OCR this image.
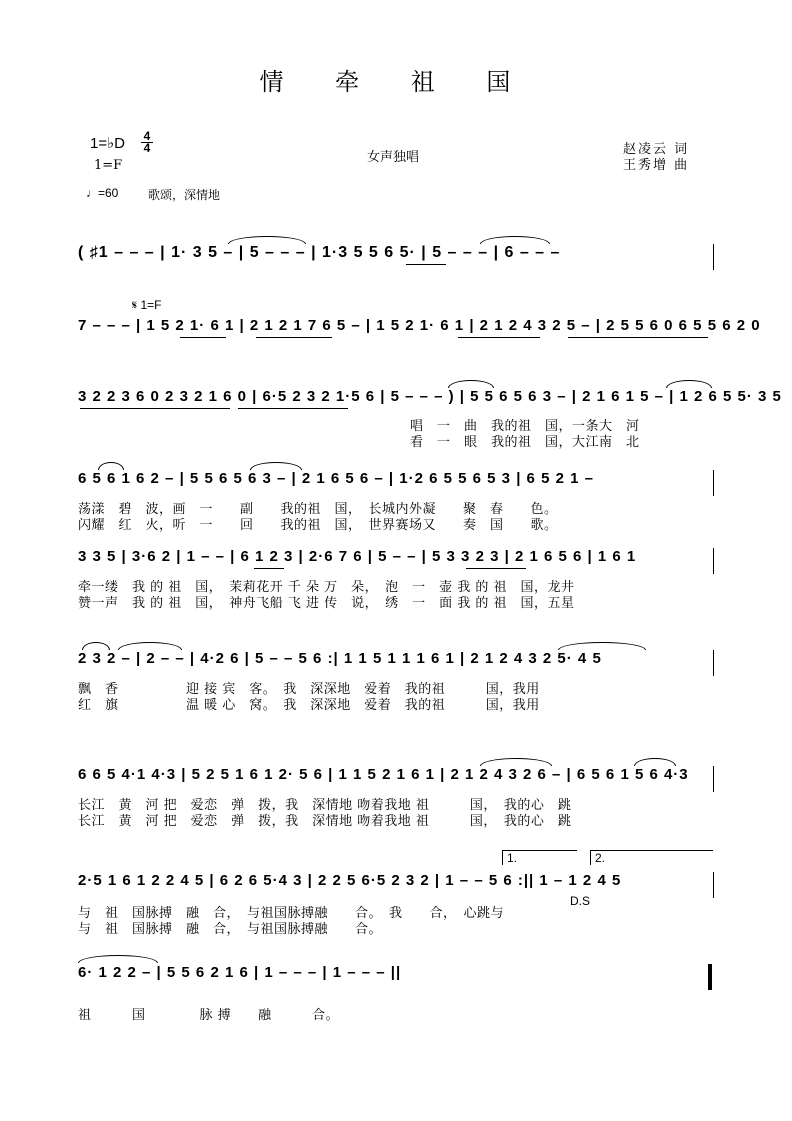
情 牵 祖 国
1=♭D 4
4
1=F
女声独唱
赵凌云 词
王秀增 曲
♩=60 歌颂，深情地
( ♯1 – – – | 1· 3 5 – | 5 – – – | 1·3 5 5 6 5· | 5 – – – | 6 – – –
𝄋 1=F
7 – – – | 1 5 2 1· 6 1 | 2 1 2 1 7 6 5 – | 1 5 2 1· 6 1 | 2 1 2 4 3 2 5 – | 2 5 5 6 0 6 5 5 6 2 0
3 2 2 3 6 0 2 3 2 1 6 0 | 6·5 2 3 2 1·5 6 | 5 – – – ) | 5 5 6 5 6 3 – | 2 1 6 1 5 – | 1 2 6 5 5· 3 5
唱　一　曲　我的祖　国，一条大　河
看　一　眼　我的祖　国，大江南　北
6 5 6 1 6 2 – | 5 5 6 5 6 3 – | 2 1 6 5 6 – | 1·2 6 5 5 6 5 3 | 6 5 2 1 –
荡漾　碧　波，画　一　　副　　我的祖　国，　长城内外凝　　聚　春　　色。
闪耀　红　火，听　一　　回　　我的祖　国，　世界赛场又　　奏　国　　歌。
3 3 5 | 3·6 2 | 1 – – | 6 1 2 3 | 2·6 7 6 | 5 – – | 5 3 3 2 3 | 2 1 6 5 6 | 1 6 1
牵一缕　我 的 祖　国，　茉莉花开 千 朵 万　朵，　泡　一　壶 我 的 祖　国，龙井
赞一声　我 的 祖　国，　神舟飞船 飞 进 传　说，　绣　一　面 我 的 祖　国，五星
2 3 2 – | 2 – – | 4·2 6 | 5 – – 5 6 :| 1 1 5 1 1 1 6 1 | 2 1 2 4 3 2 5· 4 5
飘　香　　　　　迎 接 宾　客。　我　深深地　爱着　我的祖　　　国，我用
红　旗　　　　　温 暖 心　窝。　我　深深地　爱着　我的祖　　　国，我用
6 6 5 4·1 4·3 | 5 2 5 1 6 1 2· 5 6 | 1 1 5 2 1 6 1 | 2 1 2 4 3 2 6 – | 6 5 6 1 5 6 4·3
长江　黄　河 把　爱恋　弹　拨，我　深情地 吻着我地 祖　　　国，　我的心　跳
长江　黄　河 把　爱恋　弹　拨，我　深情地 吻着我地 祖　　　国，　我的心　跳
2·5 1 6 1 2 2 4 5 | 6 2 6 5·4 3 | 2 2 5 6·5 2 3 2 | 1 – – 5 6 :|| 1 – 1 2 4 5
1.	2.
D.S
与　祖　国脉搏　融　合，　与祖国脉搏融　　合。　我　　合，　心跳与
与　祖　国脉搏　融　合，　与祖国脉搏融　　合。
6· 1 2 2 – | 5 5 6 2 1 6 | 1 – – – | 1 – – – ||
祖　　　国　　　　脉 搏　　融　　　合。
